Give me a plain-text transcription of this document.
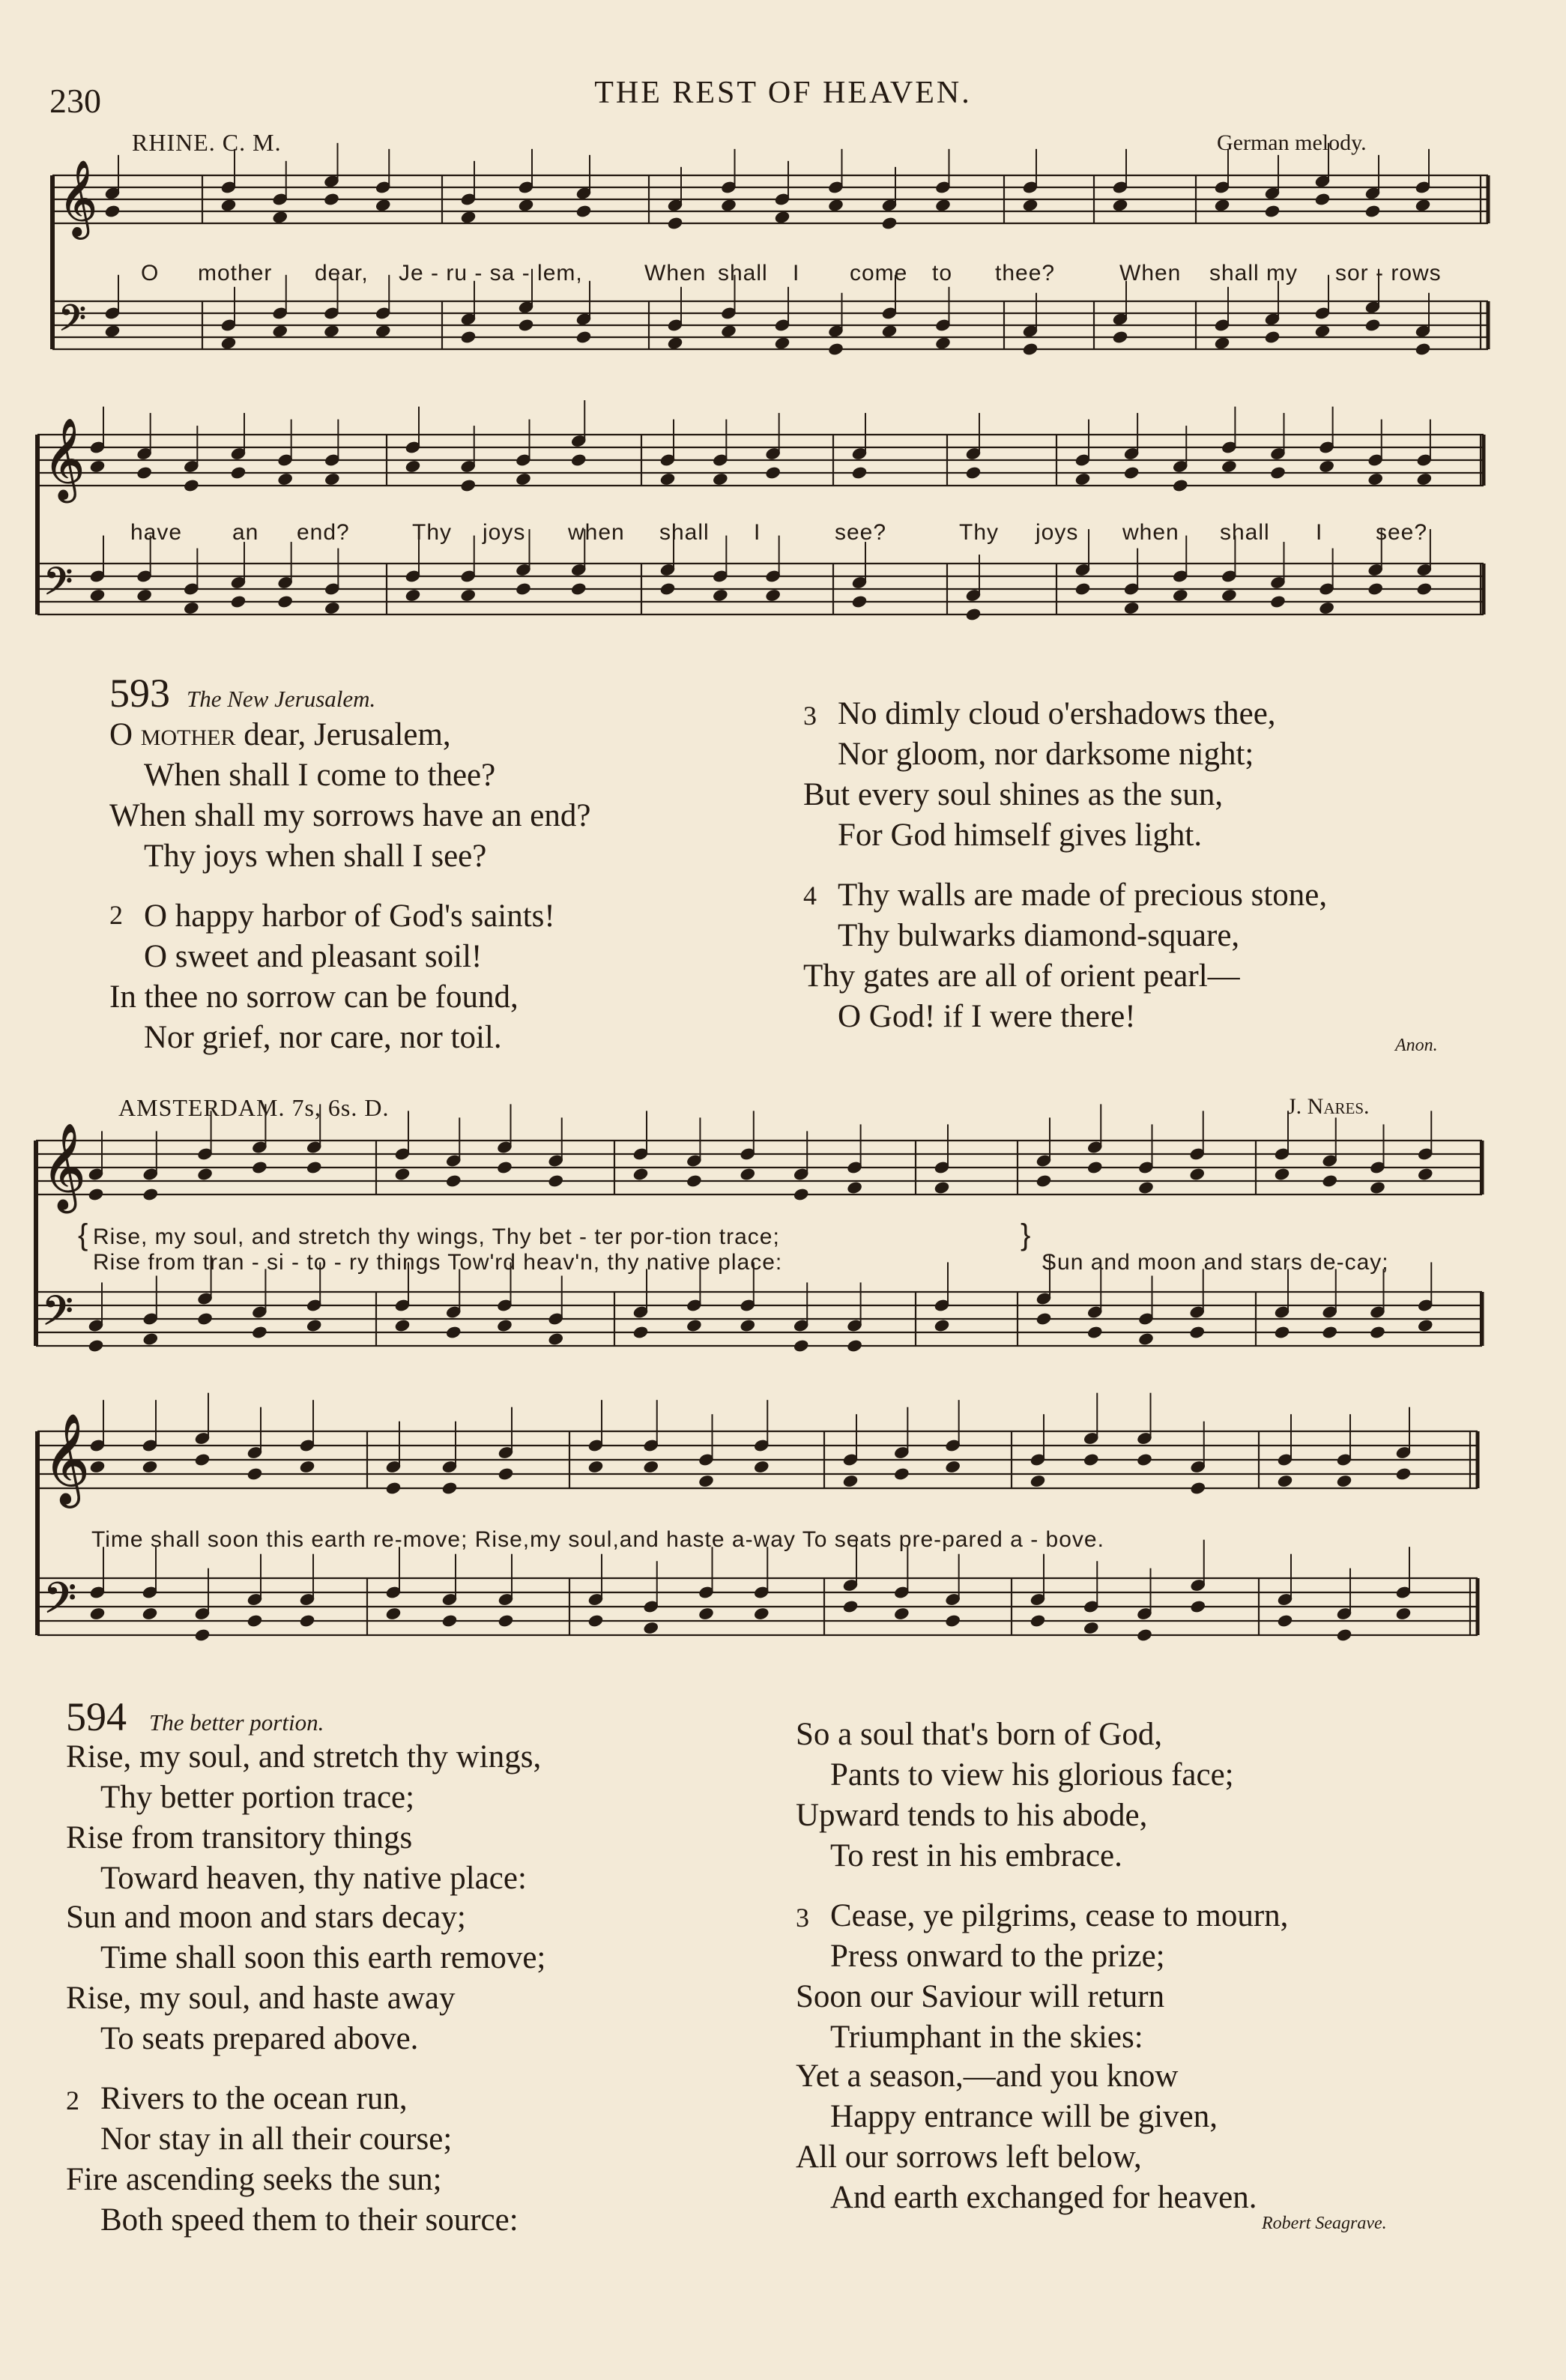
230	THE REST OF HEAVEN.
RHINE. C. M.	German melody.
𝄞
𝄢
𝄞
𝄢
𝄞
𝄢
𝄞
𝄢
O mother dear, Je - ru - sa - lem,	When shall I come to thee?	When shall my sor - rows
have an end?	Thy joys when shall I	see?	Thy joys when shall I see?
593 The New Jerusalem.
O mother dear, Jerusalem,
When shall I come to thee?
When shall my sorrows have an end?
Thy joys when shall I see?
2 O happy harbor of God's saints!
O sweet and pleasant soil!
In thee no sorrow can be found,
Nor grief, nor care, nor toil.
3 No dimly cloud o'ershadows thee,
Nor gloom, nor darksome night;
But every soul shines as the sun,
For God himself gives light.
4 Thy walls are made of precious stone,
Thy bulwarks diamond-square,
Thy gates are all of orient pearl—
O God! if I were there!
Anon.
AMSTERDAM. 7s, 6s. D.	J. Nares.
{ Rise, my soul, and stretch thy wings, Thy bet - ter por-tion trace;	}
Rise from tran - si - to - ry things Tow'rd heav'n, thy native place:	Sun and moon and stars de-cay;
Time shall soon this earth re-move; Rise,my soul,and haste a-way To seats pre-pared a - bove.
594 The better portion.
Rise, my soul, and stretch thy wings,
Thy better portion trace;
Rise from transitory things
Toward heaven, thy native place:
Sun and moon and stars decay;
Time shall soon this earth remove;
Rise, my soul, and haste away
To seats prepared above.
2 Rivers to the ocean run,
Nor stay in all their course;
Fire ascending seeks the sun;
Both speed them to their source:
So a soul that's born of God,
Pants to view his glorious face;
Upward tends to his abode,
To rest in his embrace.
3 Cease, ye pilgrims, cease to mourn,
Press onward to the prize;
Soon our Saviour will return
Triumphant in the skies:
Yet a season,—and you know
Happy entrance will be given,
All our sorrows left below,
And earth exchanged for heaven.
Robert Seagrave.
